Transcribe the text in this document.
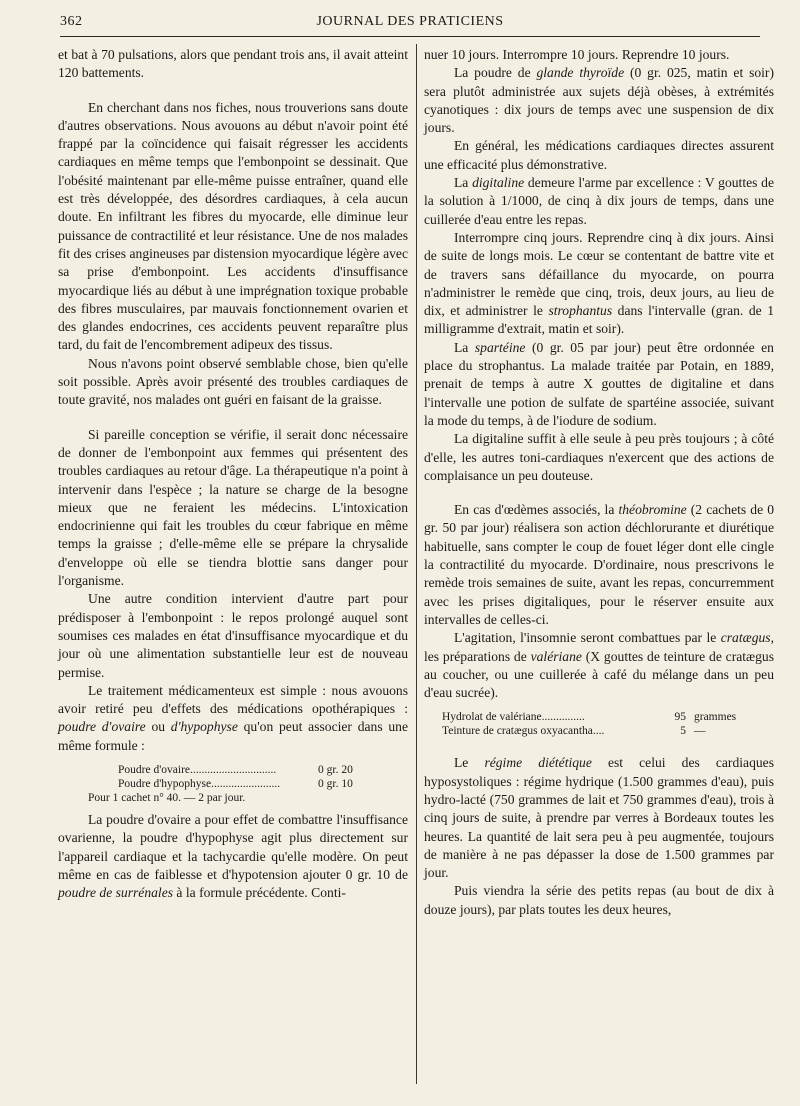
362	JOURNAL DES PRATICIENS

et bat à 70 pulsations, alors que pendant trois ans, il avait atteint 120 battements.

En cherchant dans nos fiches, nous trouverions sans doute d'autres observations. Nous avouons au début n'avoir point été frappé par la coïncidence qui faisait régresser les accidents cardiaques en même temps que l'embonpoint se dessinait. Que l'obésité maintenant par elle-même puisse entraîner, quand elle est très développée, des désordres cardiaques, à cela aucun doute. En infiltrant les fibres du myocarde, elle diminue leur puissance de contractilité et leur résistance. Une de nos malades fit des crises angineuses par distension myocardique légère avec sa prise d'embonpoint. Les accidents d'insuffisance myocardique liés au début à une imprégnation toxique probable des fibres musculaires, par mauvais fonctionnement ovarien et des glandes endocrines, ces accidents peuvent reparaître plus tard, du fait de l'encombrement adipeux des tissus.

Nous n'avons point observé semblable chose, bien qu'elle soit possible. Après avoir présenté des troubles cardiaques de toute gravité, nos malades ont guéri en faisant de la graisse.

Si pareille conception se vérifie, il serait donc nécessaire de donner de l'embonpoint aux femmes qui présentent des troubles cardiaques au retour d'âge. La thérapeutique n'a point à intervenir dans l'espèce ; la nature se charge de la besogne mieux que ne feraient les médecins. L'intoxication endocrinienne qui fait les troubles du cœur fabrique en même temps la graisse ; d'elle-même elle se prépare la chrysalide d'enveloppe où elle se tiendra blottie sans danger pour l'organisme.

Une autre condition intervient d'autre part pour prédisposer à l'embonpoint : le repos prolongé auquel sont soumises ces malades en état d'insuffisance myocardique et du jour où une alimentation substantielle leur est de nouveau permise.

Le traitement médicamenteux est simple : nous avouons avoir retiré peu d'effets des médications opothérapiques : poudre d'ovaire ou d'hypophyse qu'on peut associer dans une même formule :

Poudre d'ovaire..............................	0 gr. 20
Poudre d'hypophyse........................	0 gr. 10
Pour 1 cachet n° 40. — 2 par jour.

La poudre d'ovaire a pour effet de combattre l'insuffisance ovarienne, la poudre d'hypophyse agit plus directement sur l'appareil cardiaque et la tachycardie qu'elle modère. On peut même en cas de faiblesse et d'hypotension ajouter 0 gr. 10 de poudre de surrénales à la formule précédente. Conti-

nuer 10 jours. Interrompre 10 jours. Reprendre 10 jours.

La poudre de glande thyroïde (0 gr. 025, matin et soir) sera plutôt administrée aux sujets déjà obèses, à extrémités cyanotiques : dix jours de temps avec une suspension de dix jours.

En général, les médications cardiaques directes assurent une efficacité plus démonstrative.

La digitaline demeure l'arme par excellence : V gouttes de la solution à 1/1000, de cinq à dix jours de temps, dans une cuillerée d'eau entre les repas.

Interrompre cinq jours. Reprendre cinq à dix jours. Ainsi de suite de longs mois. Le cœur se contentant de battre vite et de travers sans défaillance du myocarde, on pourra n'administrer le remède que cinq, trois, deux jours, au lieu de dix, et administrer le strophantus dans l'intervalle (gran. de 1 milligramme d'extrait, matin et soir).

La spartéine (0 gr. 05 par jour) peut être ordonnée en place du strophantus. La malade traitée par Potain, en 1889, prenait de temps à autre X gouttes de digitaline et dans l'intervalle une potion de sulfate de spartéine associée, suivant la mode du temps, à de l'iodure de sodium.

La digitaline suffit à elle seule à peu près toujours ; à côté d'elle, les autres toni-cardiaques n'exercent que des actions de complaisance un peu douteuse.

En cas d'œdèmes associés, la théobromine (2 cachets de 0 gr. 50 par jour) réalisera son action déchlorurante et diurétique habituelle, sans compter le coup de fouet léger dont elle cingle la contractilité du myocarde. D'ordinaire, nous prescrivons le remède trois semaines de suite, avant les repas, concurremment avec les prises digitaliques, pour le réserver ensuite aux intervalles de celles-ci.

L'agitation, l'insomnie seront combattues par le cratægus, les préparations de valériane (X gouttes de teinture de cratægus au coucher, ou une cuillerée à café du mélange dans un peu d'eau sucrée).

Hydrolat de valériane...............	95 grammes
Teinture de cratægus oxyacantha....	5 —

Le régime diététique est celui des cardiaques hyposystoliques : régime hydrique (1.500 grammes d'eau), puis hydro-lacté (750 grammes de lait et 750 grammes d'eau), trois à cinq jours de suite, à prendre par verres à Bordeaux toutes les heures. La quantité de lait sera peu à peu augmentée, toujours de manière à ne pas dépasser la dose de 1.500 grammes par jour.

Puis viendra la série des petits repas (au bout de dix à douze jours), par plats toutes les deux heures,
